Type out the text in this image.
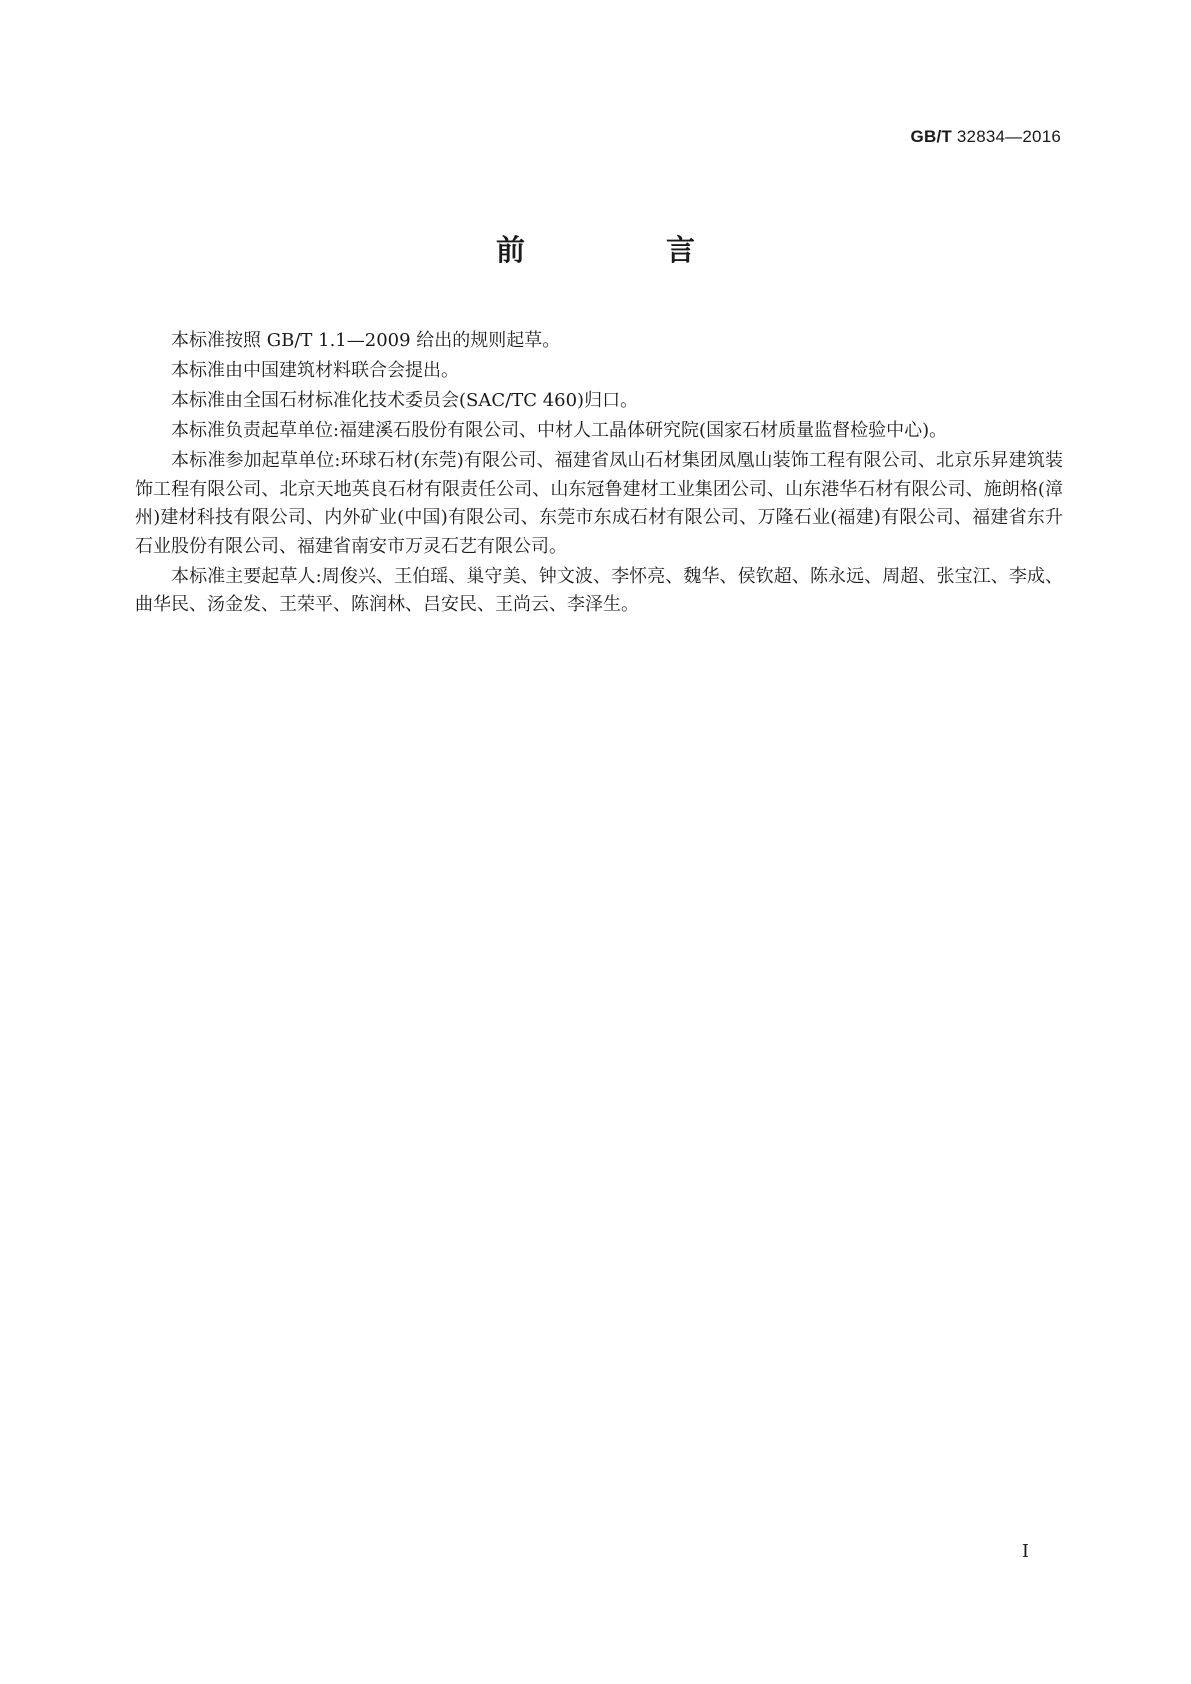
GB/T 32834—2016
前　言

本标准按照 GB/T 1.1—2009 给出的规则起草。

本标准由中国建筑材料联合会提出。

本标准由全国石材标准化技术委员会(SAC/TC 460)归口。

本标准负责起草单位:福建溪石股份有限公司、中材人工晶体研究院(国家石材质量监督检验中心)。

本标准参加起草单位:环球石材(东莞)有限公司、福建省凤山石材集团凤凰山装饰工程有限公司、北京乐昇建筑装饰工程有限公司、北京天地英良石材有限责任公司、山东冠鲁建材工业集团公司、山东港华石材有限公司、施朗格(漳州)建材科技有限公司、内外矿业(中国)有限公司、东莞市东成石材有限公司、万隆石业(福建)有限公司、福建省东升石业股份有限公司、福建省南安市万灵石艺有限公司。

本标准主要起草人:周俊兴、王伯瑶、巢守美、钟文波、李怀亮、魏华、侯钦超、陈永远、周超、张宝江、李成、曲华民、汤金发、王荣平、陈润林、吕安民、王尚云、李泽生。

I
